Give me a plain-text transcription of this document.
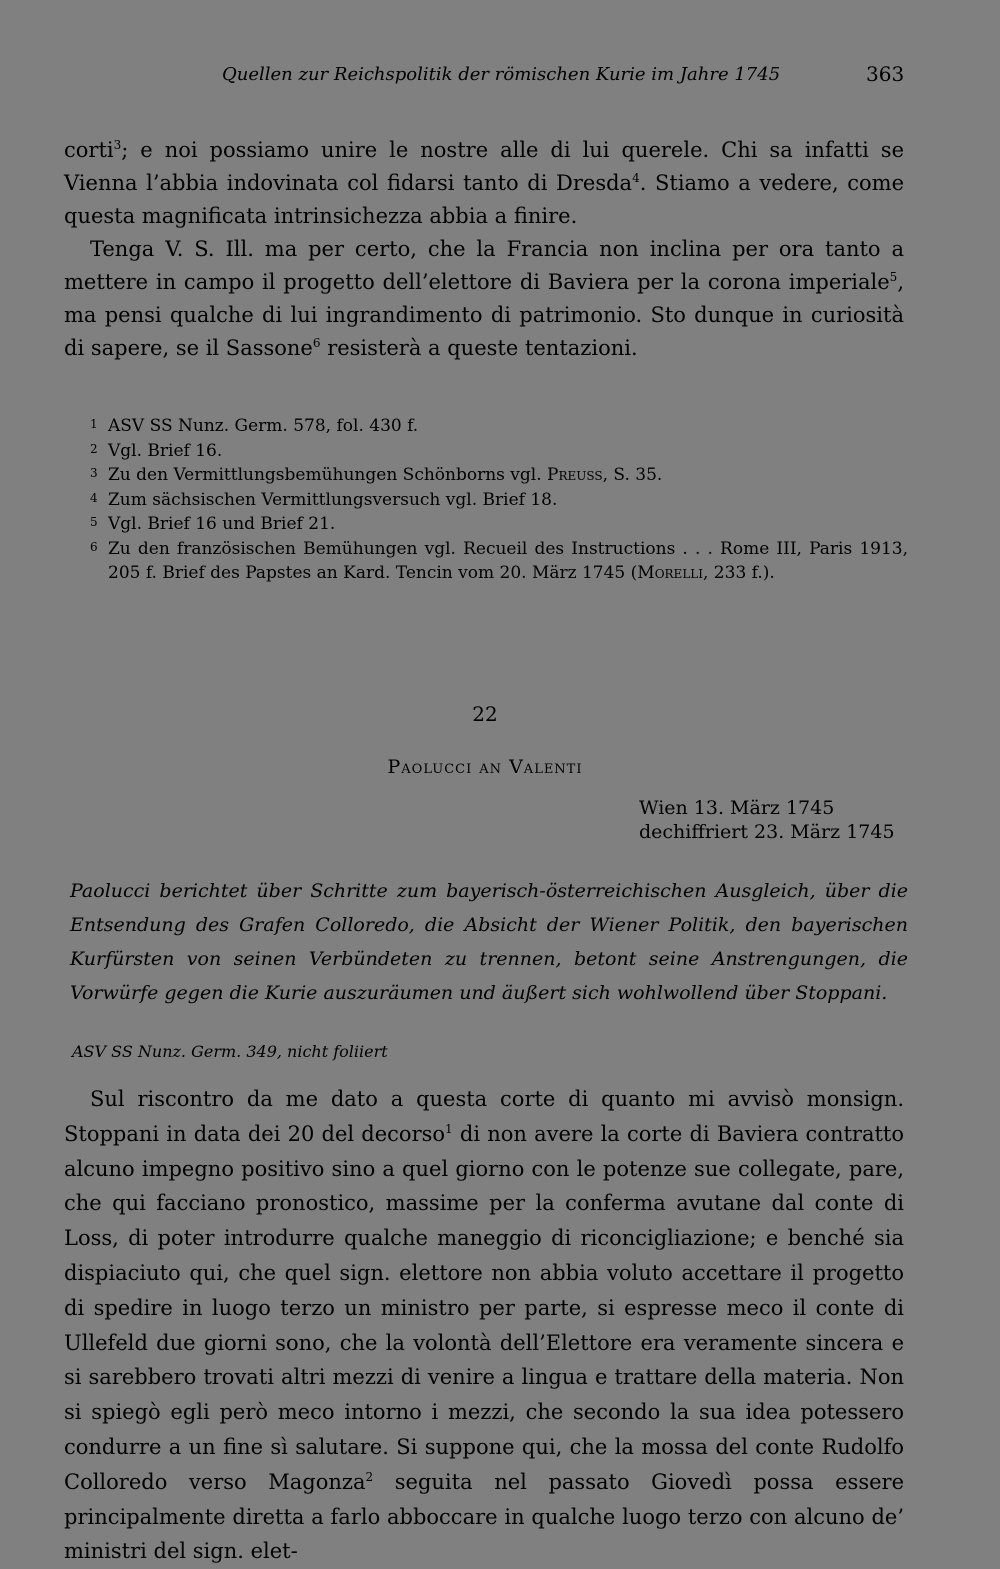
Quellen zur Reichspolitik der römischen Kurie im Jahre 1745	363

corti$^3$; e noi possiamo unire le nostre alle di lui querele. Chi sa infatti se Vienna l’abbia indovinata col fidarsi tanto di Dresda$^4$. Stiamo a vedere, come questa magnificata intrinsichezza abbia a finire.

Tenga V. S. Ill. ma per certo, che la Francia non inclina per ora tanto a mettere in campo il progetto dell’elettore di Baviera per la corona imperiale$^5$, ma pensi qualche di lui ingrandimento di patrimonio. Sto dunque in curiosità di sapere, se il Sassone$^6$ resisterà a queste tentazioni.

1 ASV SS Nunz. Germ. 578, fol. 430 f.
2 Vgl. Brief 16.
3 Zu den Vermittlungsbemühungen Schönborns vgl. Preuss, S. 35.
4 Zum sächsischen Vermittlungsversuch vgl. Brief 18.
5 Vgl. Brief 16 und Brief 21.
6 Zu den französischen Bemühungen vgl. Recueil des Instructions . . . Rome III, Paris 1913, 205 f. Brief des Papstes an Kard. Tencin vom 20. März 1745 (Morelli, 233 f.).
22
Paolucci an Valenti
Wien 13. März 1745
dechiffriert 23. März 1745
Paolucci berichtet über Schritte zum bayerisch-österreichischen Ausgleich, über die Entsendung des Grafen Colloredo, die Absicht der Wiener Politik, den bayerischen Kurfürsten von seinen Verbündeten zu trennen, betont seine Anstrengungen, die Vorwürfe gegen die Kurie auszuräumen und äußert sich wohlwollend über Stoppani.
ASV SS Nunz. Germ. 349, nicht foliiert

Sul riscontro da me dato a questa corte di quanto mi avvisò monsign. Stoppani in data dei 20 del decorso$^1$ di non avere la corte di Baviera contratto alcuno impegno positivo sino a quel giorno con le potenze sue collegate, pare, che qui facciano pronostico, massime per la conferma avutane dal conte di Loss, di poter introdurre qualche maneggio di riconcigliazione; e benché sia dispiaciuto qui, che quel sign. elettore non abbia voluto accettare il progetto di spedire in luogo terzo un ministro per parte, si espresse meco il conte di Ullefeld due giorni sono, che la volontà dell’Elettore era veramente sincera e si sarebbero trovati altri mezzi di venire a lingua e trattare della materia. Non si spiegò egli però meco intorno i mezzi, che secondo la sua idea potessero condurre a un fine sì salutare. Si suppone qui, che la mossa del conte Rudolfo Colloredo verso Magonza$^2$ seguita nel passato Giovedì possa essere principalmente diretta a farlo abboccare in qualche luogo terzo con alcuno de’ ministri del sign. elet-
